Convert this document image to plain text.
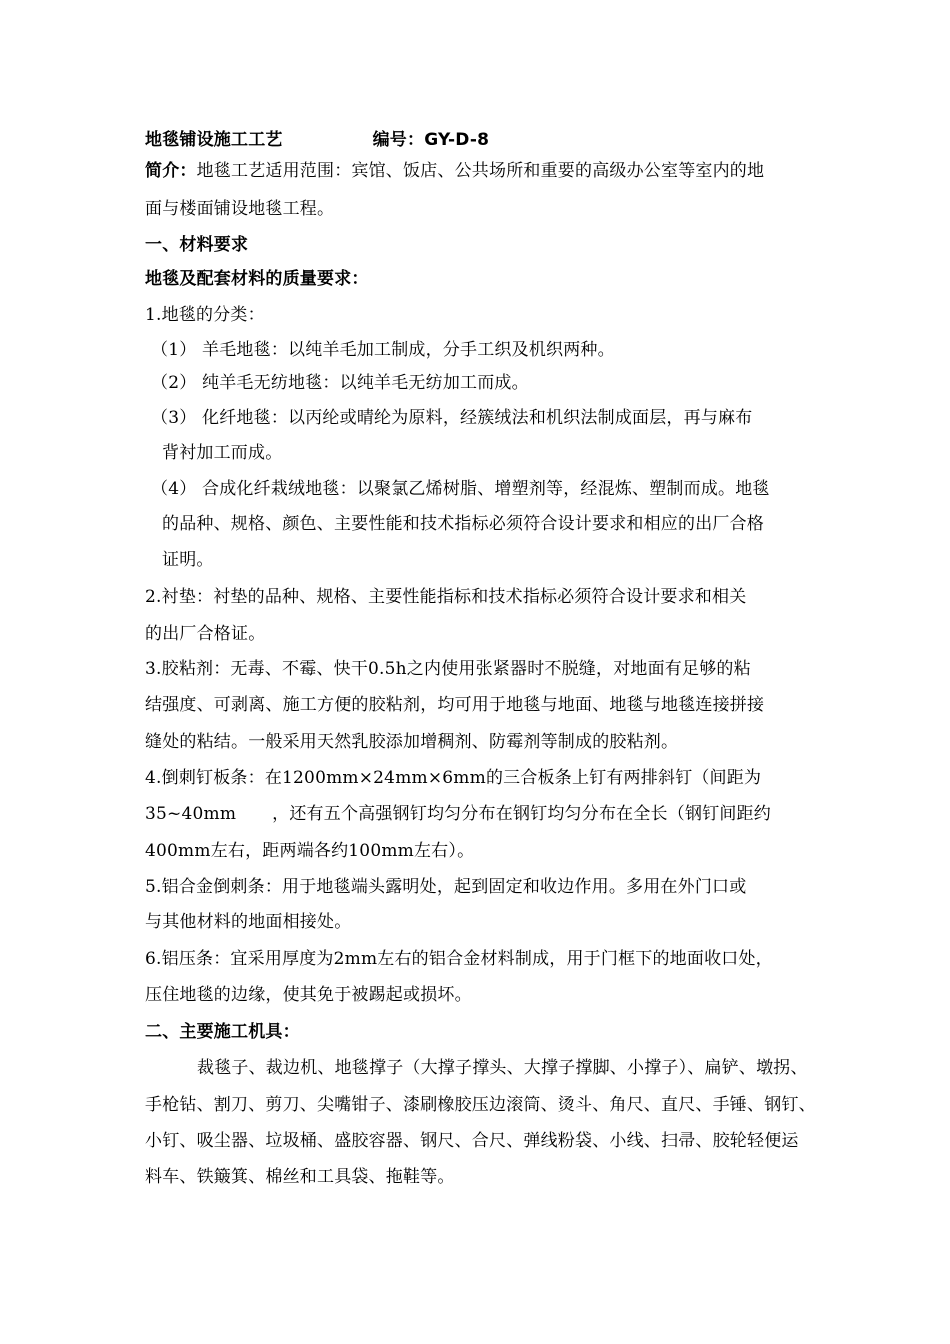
地毯铺设施工工艺	编号：GY-D-8
简介：地毯工艺适用范围：宾馆、饭店、公共场所和重要的高级办公室等室内的地
面与楼面铺设地毯工程。
一、材料要求
地毯及配套材料的质量要求：
1.地毯的分类：
（1） 羊毛地毯：以纯羊毛加工制成，分手工织及机织两种。
（2） 纯羊毛无纺地毯：以纯羊毛无纺加工而成。
（3） 化纤地毯：以丙纶或晴纶为原料，经簇绒法和机织法制成面层，再与麻布
背衬加工而成。
（4） 合成化纤栽绒地毯：以聚氯乙烯树脂、增塑剂等，经混炼、塑制而成。地毯
的品种、规格、颜色、主要性能和技术指标必须符合设计要求和相应的出厂合格
证明。
2.衬垫：衬垫的品种、规格、主要性能指标和技术指标必须符合设计要求和相关
的出厂合格证。
3.胶粘剂：无毒、不霉、快干0.5h之内使用张紧器时不脱缝，对地面有足够的粘
结强度、可剥离、施工方便的胶粘剂，均可用于地毯与地面、地毯与地毯连接拼接
缝处的粘结。一般采用天然乳胶添加增稠剂、防霉剂等制成的胶粘剂。
4.倒刺钉板条：在1200mm×24mm×6mm的三合板条上钉有两排斜钉（间距为
35~40mm ，还有五个高强钢钉均匀分布在钢钉均匀分布在全长（钢钉间距约
400mm左右，距两端各约100mm左右）。
5.铝合金倒刺条：用于地毯端头露明处，起到固定和收边作用。多用在外门口或
与其他材料的地面相接处。
6.铝压条：宜采用厚度为2mm左右的铝合金材料制成，用于门框下的地面收口处，
压住地毯的边缘，使其免于被踢起或损坏。
二、主要施工机具：
裁毯子、裁边机、地毯撑子（大撑子撑头、大撑子撑脚、小撑子）、扁铲、墩拐、
手枪钻、割刀、剪刀、尖嘴钳子、漆刷橡胶压边滚筒、烫斗、角尺、直尺、手锤、钢钉、
小钉、吸尘器、垃圾桶、盛胶容器、钢尺、合尺、弹线粉袋、小线、扫帚、胶轮轻便运
料车、铁簸箕、棉丝和工具袋、拖鞋等。
